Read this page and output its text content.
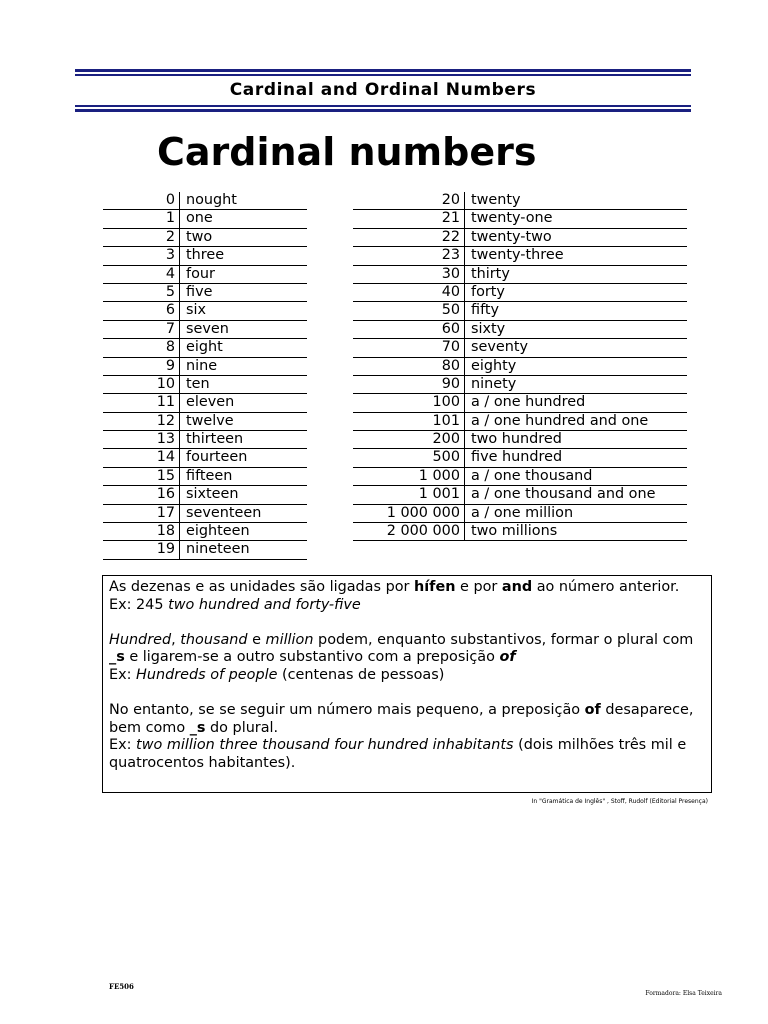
Cardinal and Ordinal Numbers
Cardinal numbers
0 nought
1 one
2 two
3 three
4 four
5 five
6 six
7 seven
8 eight
9 nine
10 ten
11 eleven
12 twelve
13 thirteen
14 fourteen
15 fifteen
16 sixteen
17 seventeen
18 eighteen
19 nineteen
20 twenty
21 twenty-one
22 twenty-two
23 twenty-three
30 thirty
40 forty
50 fifty
60 sixty
70 seventy
80 eighty
90 ninety
100 a / one hundred
101 a / one hundred and one
200 two hundred
500 five hundred
1 000 a / one thousand
1 001 a / one thousand and one
1 000 000 a / one million
2 000 000 two millions

As dezenas e as unidades são ligadas por hífen e por and ao número anterior.

Ex: 245 two hundred and forty-five

Hundred, thousand e million podem, enquanto substantivos, formar o plural com _s e ligarem-se a outro substantivo com a preposição of

Ex: Hundreds of people (centenas de pessoas)

No entanto, se se seguir um número mais pequeno, a preposição of desaparece, bem como _s do plural.

Ex: two million three thousand four hundred inhabitants (dois milhões três mil e quatrocentos habitantes).

In "Gramática de Inglês" , Stoff, Rudolf (Editorial Presença)
FE506
Formadora: Elsa Teixeira
